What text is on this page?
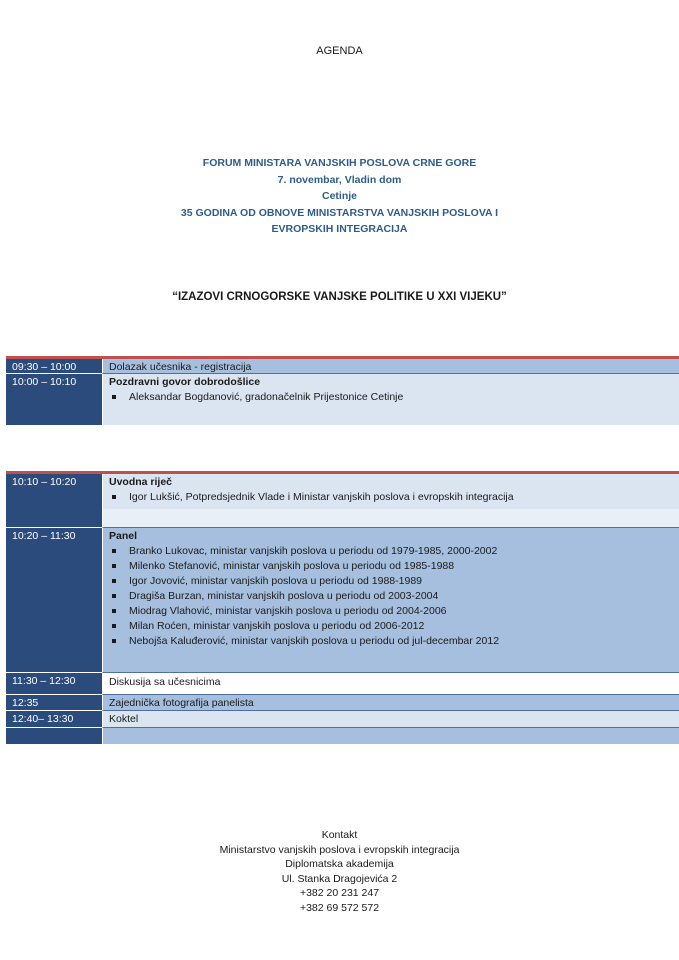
AGENDA
FORUM MINISTARA VANJSKIH POSLOVA CRNE GORE
7. novembar, Vladin dom
Cetinje
35 GODINA OD OBNOVE MINISTARSTVA VANJSKIH POSLOVA I
EVROPSKIH INTEGRACIJA
“IZAZOVI CRNOGORSKE VANJSKE POLITIKE U XXI VIJEKU”
09:30 – 10:00	Dolazak učesnika - registracija
10:00 – 10:10	Pozdravni govor dobrodošlice
Aleksandar Bogdanović, gradonačelnik Prijestonice Cetinje
10:10 – 10:20	Uvodna riječ
Igor Lukšić, Potpredsjednik Vlade i Ministar vanjskih poslova i evropskih integracija
10:20 – 11:30	Panel
Branko Lukovac, ministar vanjskih poslova u periodu od 1979-1985, 2000-2002
Milenko Stefanović, ministar vanjskih poslova u periodu od 1985-1988
Igor Jovović, ministar vanjskih poslova u periodu od 1988-1989
Dragiša Burzan, ministar vanjskih poslova u periodu od 2003-2004
Miodrag Vlahović, ministar vanjskih poslova u periodu od 2004-2006
Milan Roćen, ministar vanjskih poslova u periodu od 2006-2012
Nebojša Kaluđerović, ministar vanjskih poslova u periodu od jul-decembar 2012
11:30 – 12:30	Diskusija sa učesnicima
12:35	Zajednička fotografija panelista
12:40– 13:30	Koktel
Kontakt
Ministarstvo vanjskih poslova i evropskih integracija
Diplomatska akademija
Ul. Stanka Dragojevića 2
+382 20 231 247
+382 69 572 572
